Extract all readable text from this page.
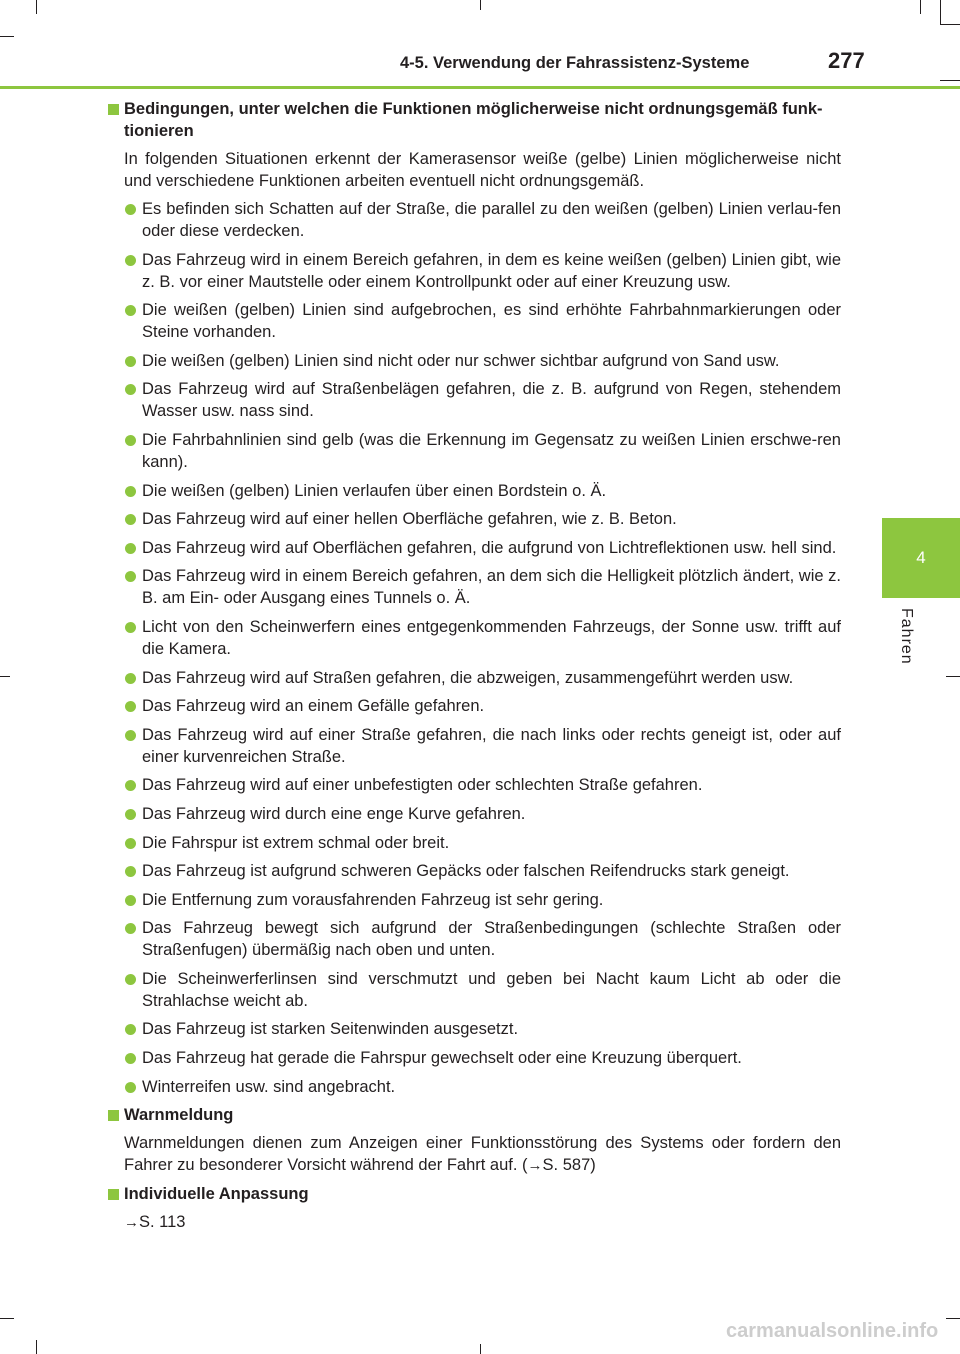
4-5. Verwendung der Fahrassistenz-Systeme	277
4
Fahren

Bedingungen, unter welchen die Funktionen möglicherweise nicht ordnungsgemäß funk-tionieren

In folgenden Situationen erkennt der Kamerasensor weiße (gelbe) Linien möglicherweise nicht und verschiedene Funktionen arbeiten eventuell nicht ordnungsgemäß.

Es befinden sich Schatten auf der Straße, die parallel zu den weißen (gelben) Linien verlau-fen oder diese verdecken.
Das Fahrzeug wird in einem Bereich gefahren, in dem es keine weißen (gelben) Linien gibt, wie z. B. vor einer Mautstelle oder einem Kontrollpunkt oder auf einer Kreuzung usw.
Die weißen (gelben) Linien sind aufgebrochen, es sind erhöhte Fahrbahnmarkierungen oder Steine vorhanden.
Die weißen (gelben) Linien sind nicht oder nur schwer sichtbar aufgrund von Sand usw.
Das Fahrzeug wird auf Straßenbelägen gefahren, die z. B. aufgrund von Regen, stehendem Wasser usw. nass sind.
Die Fahrbahnlinien sind gelb (was die Erkennung im Gegensatz zu weißen Linien erschwe-ren kann).
Die weißen (gelben) Linien verlaufen über einen Bordstein o. Ä.
Das Fahrzeug wird auf einer hellen Oberfläche gefahren, wie z. B. Beton.
Das Fahrzeug wird auf Oberflächen gefahren, die aufgrund von Lichtreflektionen usw. hell sind.
Das Fahrzeug wird in einem Bereich gefahren, an dem sich die Helligkeit plötzlich ändert, wie z. B. am Ein- oder Ausgang eines Tunnels o. Ä.
Licht von den Scheinwerfern eines entgegenkommenden Fahrzeugs, der Sonne usw. trifft auf die Kamera.
Das Fahrzeug wird auf Straßen gefahren, die abzweigen, zusammengeführt werden usw.
Das Fahrzeug wird an einem Gefälle gefahren.
Das Fahrzeug wird auf einer Straße gefahren, die nach links oder rechts geneigt ist, oder auf einer kurvenreichen Straße.
Das Fahrzeug wird auf einer unbefestigten oder schlechten Straße gefahren.
Das Fahrzeug wird durch eine enge Kurve gefahren.
Die Fahrspur ist extrem schmal oder breit.
Das Fahrzeug ist aufgrund schweren Gepäcks oder falschen Reifendrucks stark geneigt.
Die Entfernung zum vorausfahrenden Fahrzeug ist sehr gering.
Das Fahrzeug bewegt sich aufgrund der Straßenbedingungen (schlechte Straßen oder Straßenfugen) übermäßig nach oben und unten.
Die Scheinwerferlinsen sind verschmutzt und geben bei Nacht kaum Licht ab oder die Strahlachse weicht ab.
Das Fahrzeug ist starken Seitenwinden ausgesetzt.
Das Fahrzeug hat gerade die Fahrspur gewechselt oder eine Kreuzung überquert.
Winterreifen usw. sind angebracht.

Warnmeldung

Warnmeldungen dienen zum Anzeigen einer Funktionsstörung des Systems oder fordern den Fahrer zu besonderer Vorsicht während der Fahrt auf. (→S. 587)

Individuelle Anpassung

→S. 113

carmanualsonline.info
